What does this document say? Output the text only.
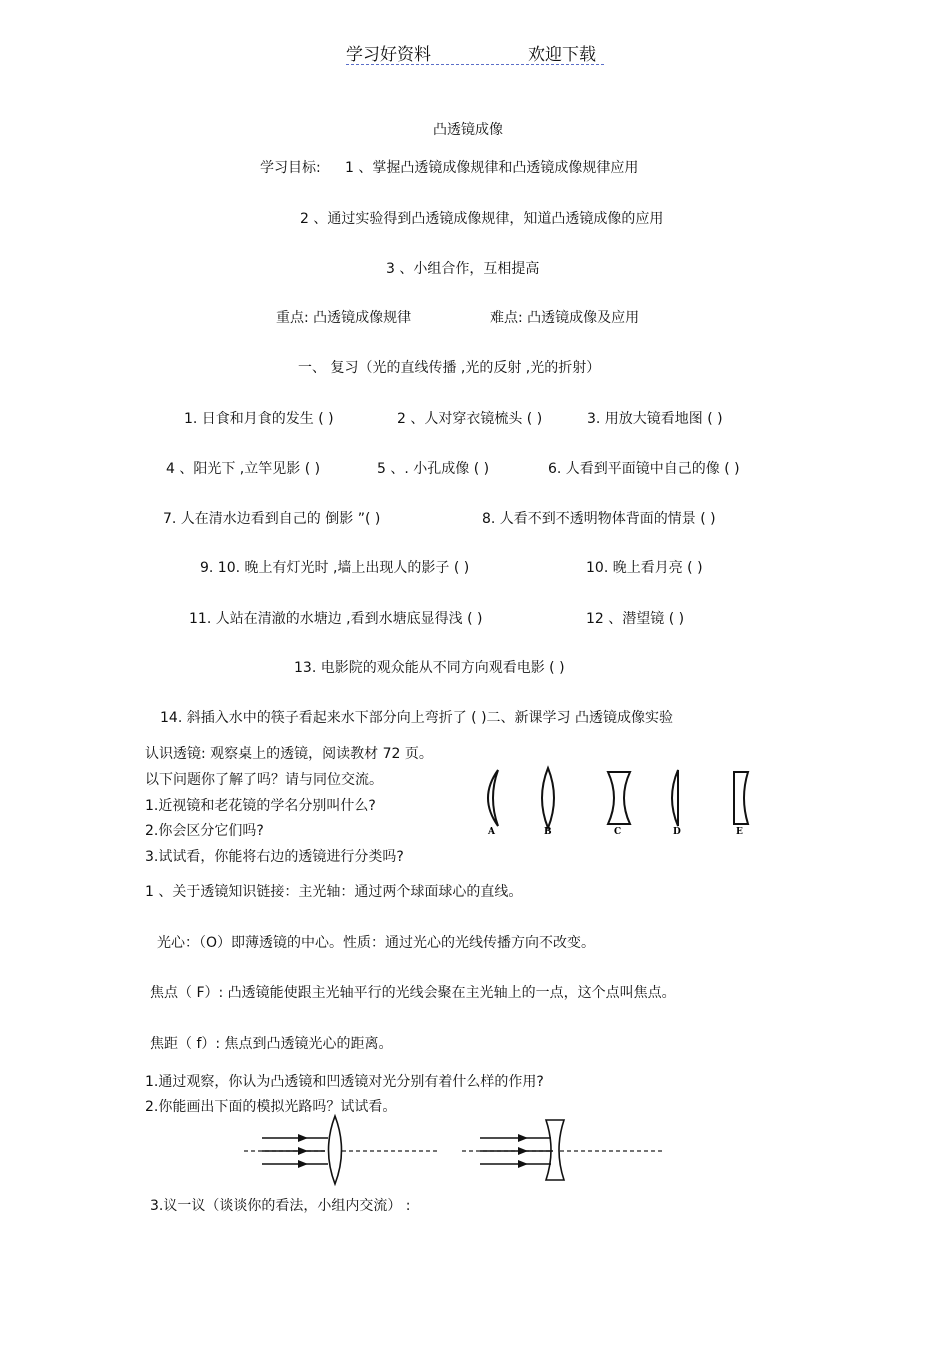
学习好资料	欢迎下载
凸透镜成像
学习目标: 1 、掌握凸透镜成像规律和凸透镜成像规律应用
2 、通过实验得到凸透镜成像规律，知道凸透镜成像的应用
3 、小组合作，互相提高
重点: 凸透镜成像规律	难点: 凸透镜成像及应用
一、 复习（光的直线传播 ,光的反射 ,光的折射）
1. 日食和月食的发生 ( )	2 、人对穿衣镜梳头 ( )	3. 用放大镜看地图 ( )
4 、阳光下 ,立竿见影 ( )	5 、. 小孔成像 ( )	6. 人看到平面镜中自己的像 ( )
7. 人在清水边看到自己的 倒影 ”( )	8. 人看不到不透明物体背面的情景 ( )
9. 10. 晚上有灯光时 ,墙上出现人的影子 ( )	10. 晚上看月亮 ( )
11. 人站在清澈的水塘边 ,看到水塘底显得浅 ( )	12 、潜望镜 ( )
13. 电影院的观众能从不同方向观看电影 ( )
14. 斜插入水中的筷子看起来水下部分向上弯折了 ( )二、新课学习 凸透镜成像实验
认识透镜: 观察桌上的透镜，阅读教材 72 页。
以下问题你了解了吗？请与同位交流。
1.近视镜和老花镜的学名分别叫什么?
2.你会区分它们吗?
3.试试看，你能将右边的透镜进行分类吗?
A	B	C	D	E
1 、关于透镜知识链接：主光轴：通过两个球面球心的直线。
光心：（O）即薄透镜的中心。性质：通过光心的光线传播方向不改变。
焦点（ F）: 凸透镜能使跟主光轴平行的光线会聚在主光轴上的一点，这个点叫焦点。
焦距（ f）: 焦点到凸透镜光心的距离。
1.通过观察，你认为凸透镜和凹透镜对光分别有着什么样的作用?
2.你能画出下面的模拟光路吗？试试看。
3.议一议（谈谈你的看法，小组内交流） :
